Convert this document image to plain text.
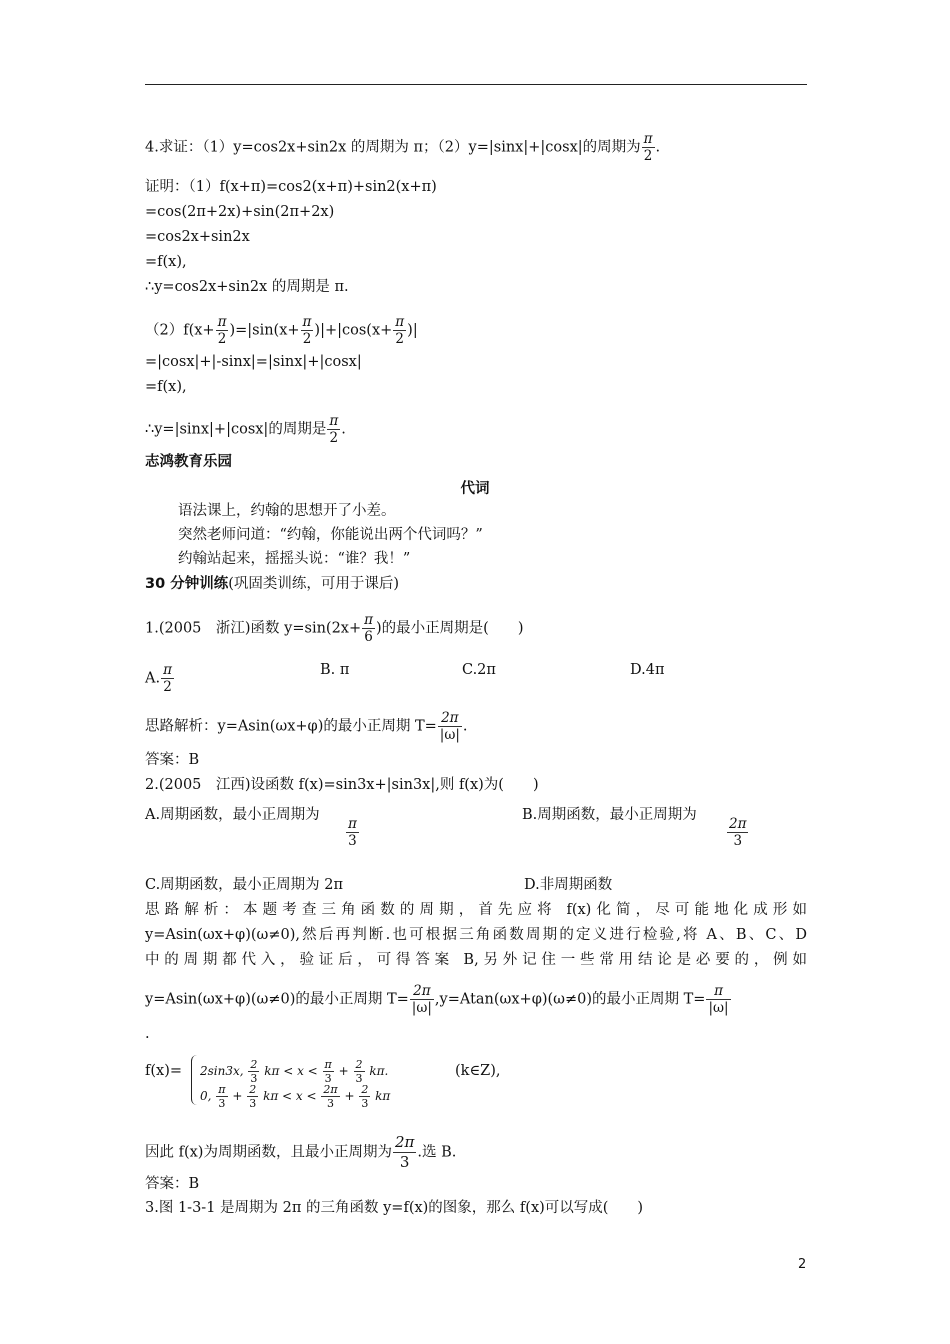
4.求证：（1）y=cos2x+sin2x 的周期为 π；（2）y=|sinx|+|cosx|的周期为 $\frac{\pi}{2}$ .
证明：（1）f(x+π)=cos2(x+π)+sin2(x+π)
=cos(2π+2x)+sin(2π+2x)
=cos2x+sin2x
=f(x),
∴y=cos2x+sin2x 的周期是 π.
$(2)f(x+ \frac{\pi}{2} )=|\sin(x+ \frac{\pi}{2} )|+|\cos(x+ \frac{\pi}{2}$ )|
=|cosx|+|-sinx|=|sinx|+|cosx|
=f(x),
∴y=|sinx|+|cosx|的周期是 $\frac{\pi}{2}$ .
志鸿教育乐园
代词
语法课上，约翰的思想开了小差。
突然老师问道：“约翰，你能说出两个代词吗？”
约翰站起来，摇摇头说：“谁？我！”
30 分钟训练(巩固类训练，可用于课后)
1.(2005　浙江)函数 $y=\sin(2x+ \frac{\pi}{6}$ )的最小正周期是(　　)
A. $\frac{\pi}{2}$	B. π	C.2π	D.4π
思路解析：y=Asin(ωx+φ)的最小正周期 $T= \frac{2\pi}{|\omega|}$ .
答案：B
2.(2005　江西)设函数 f(x)=sin3x+|sin3x|,则 f(x)为(　　)
A.周期函数，最小正周期为
$\frac{\pi}{3}$
B.周期函数，最小正周期为
$\frac{2\pi}{3}$
C.周期函数，最小正周期为 2π	D.非周期函数
思路解析：本题考查三角函数的周期，首先应将 f(x)化简，尽可能地化成形如
y=Asin(ωx+φ)(ω≠0),然后再判断.也可根据三角函数周期的定义进行检验,将 A、B、C、D
中的周期都代入，验证后，可得答案 B,另外记住一些常用结论是必要的，例如
y=Asin(ωx+φ)(ω≠0)的最小正周期 $T= \frac{2\pi}{|\omega|} ,y=Atan(\omega x+\varphi)(\omega\ne 0)$的最小正周期 $T= \frac{\pi}{|\omega|}$
.
f(x)= 2sin3x, $\frac{2}{3}$ $k\pi < x < \frac{\pi}{3} + \frac{2}{3} k\pi$.	(k∈Z),
0, $\frac{\pi}{3} + \frac{2}{3}$ $k\pi < x < \frac{2\pi}{3} + \frac{2}{3}$ kπ
因此 f(x)为周期函数，且最小正周期为 $\frac{2\pi}{3}$ .选 B.
答案：B
3.图 1-3-1 是周期为 2π 的三角函数 y=f(x)的图象，那么 f(x)可以写成(　　)
2
